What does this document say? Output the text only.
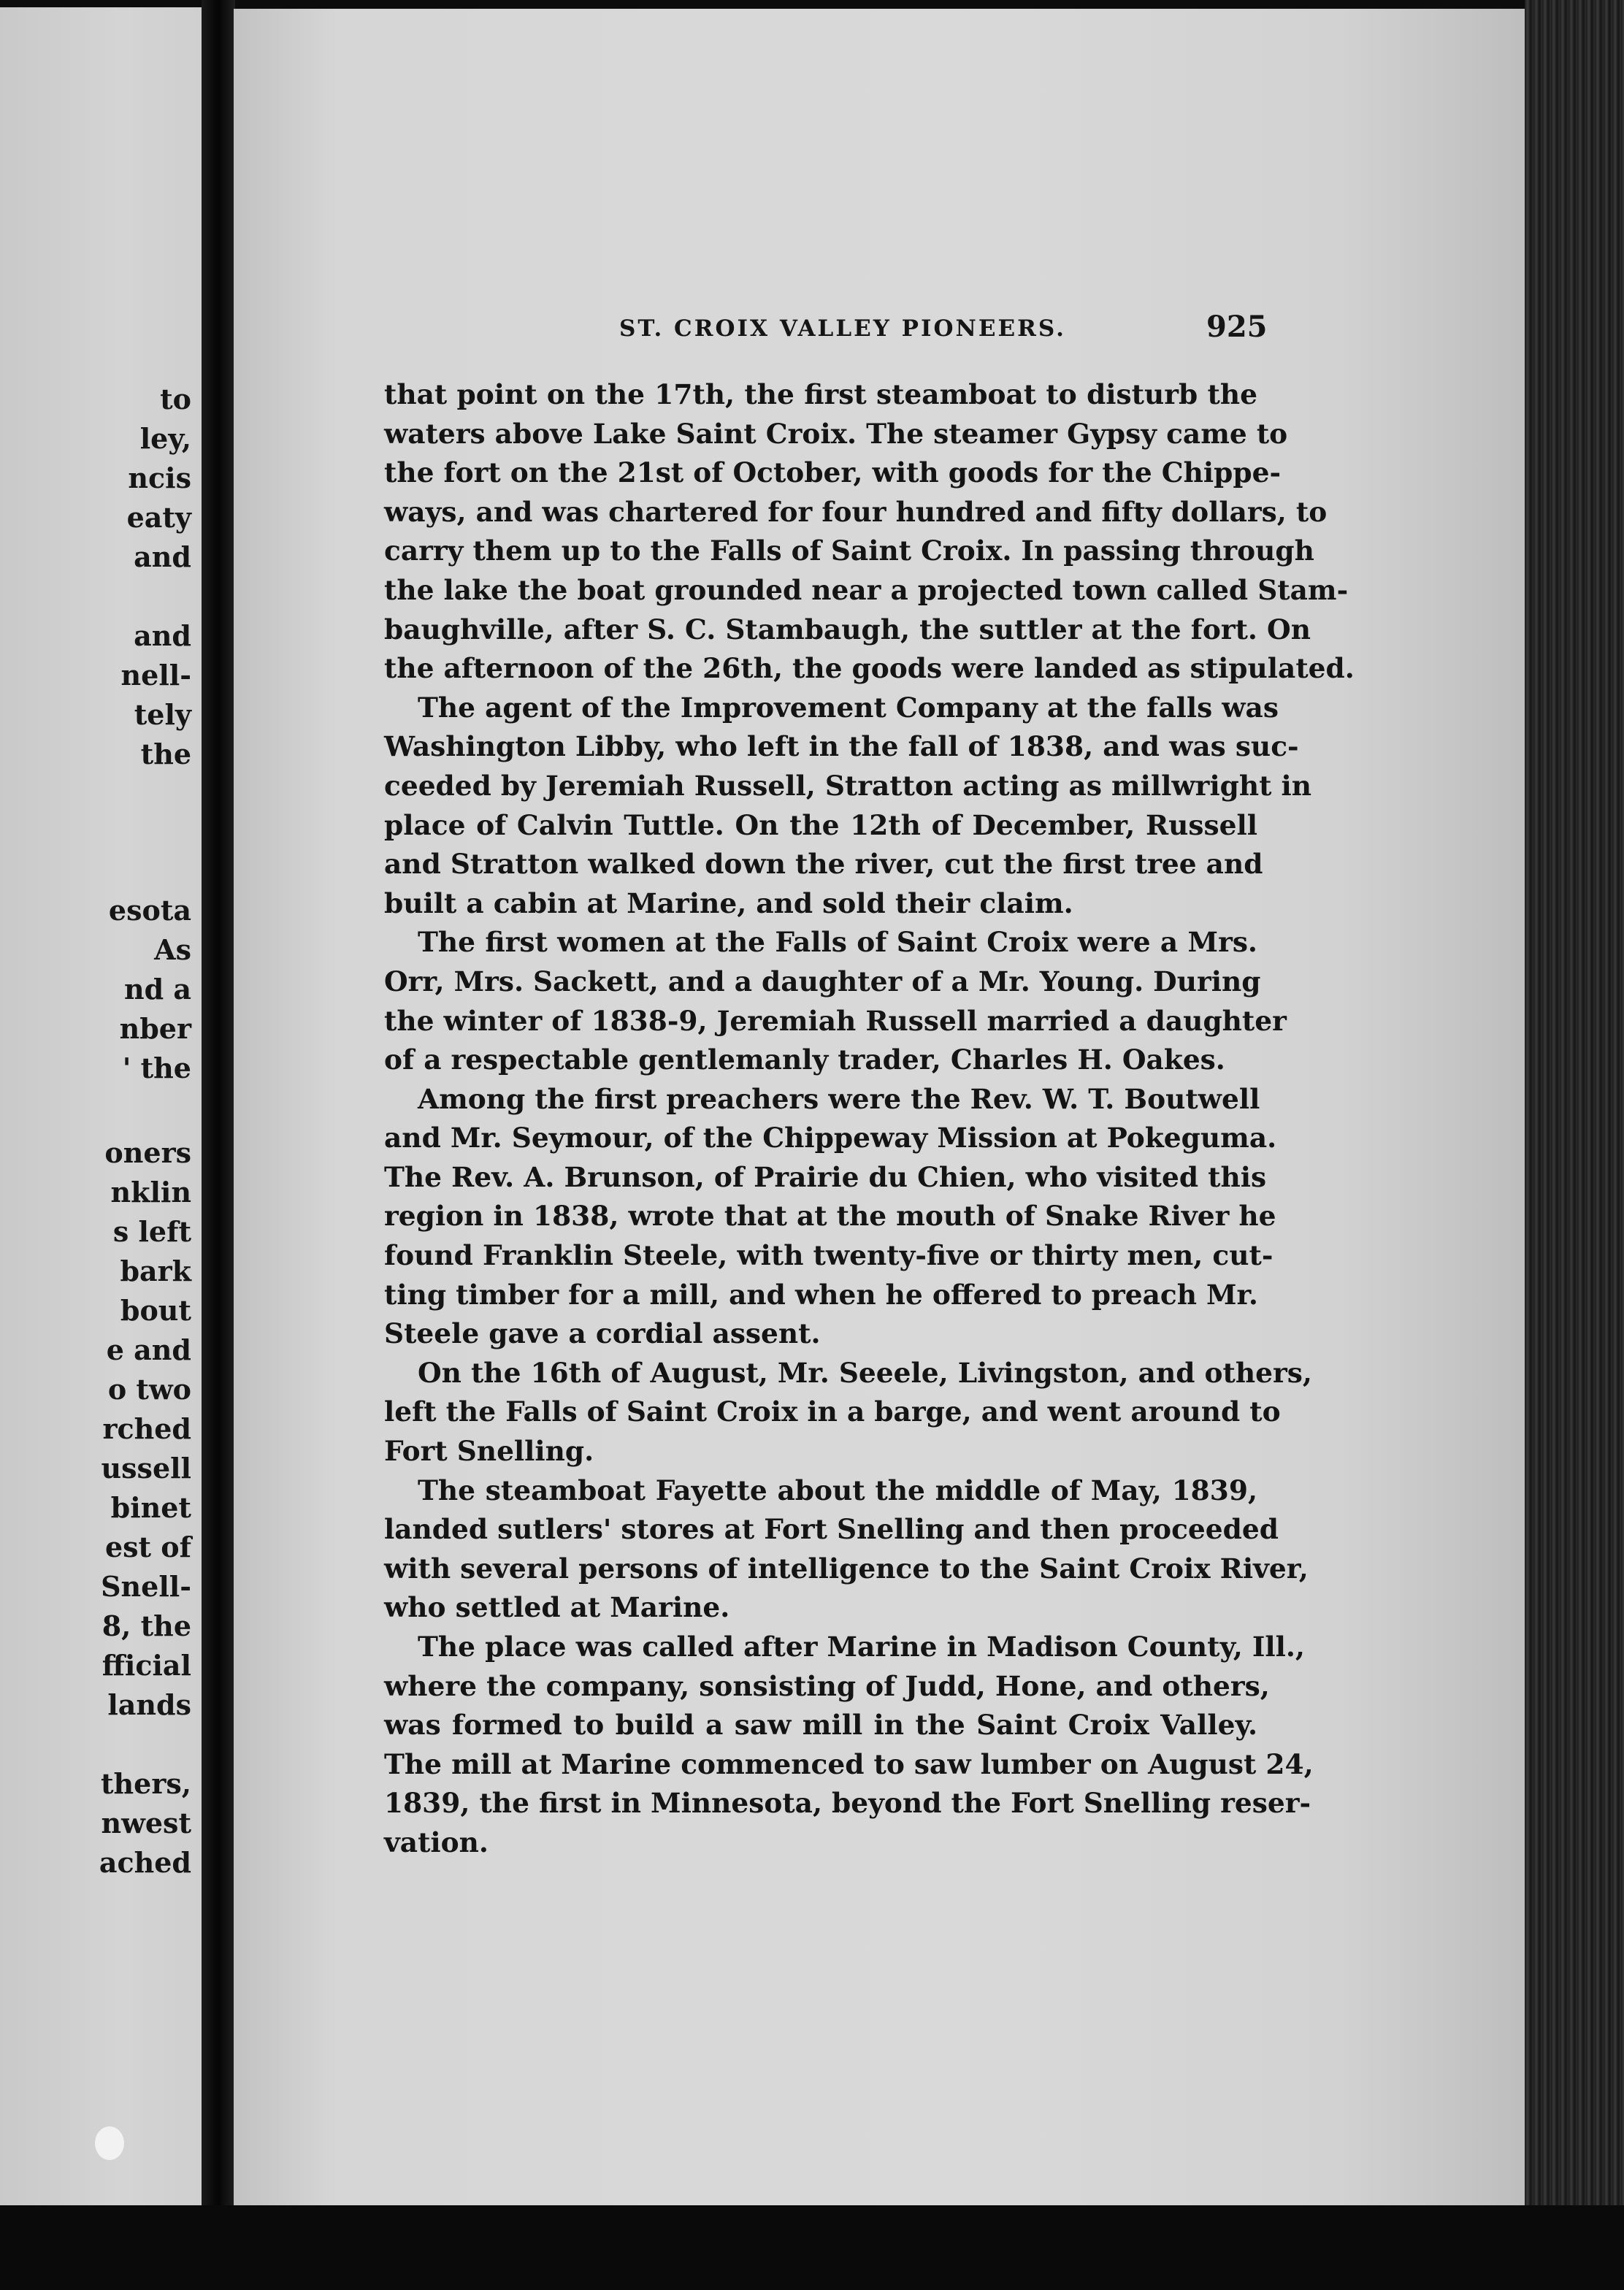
to
ley,
ncis
eaty
and
and
nell-
tely
the
esota
As
nd a
nber
' the
oners
nklin
s left
bark
bout
e and
o two
rched
ussell
binet
est of
Snell-
8, the
fficial
lands
thers,
nwest
ached
ST. CROIX VALLEY PIONEERS.	925
that point on the 17th, the first steamboat to disturb the
waters above Lake Saint Croix. The steamer Gypsy came to
the fort on the 21st of October, with goods for the Chippe-
ways, and was chartered for four hundred and fifty dollars, to
carry them up to the Falls of Saint Croix. In passing through
the lake the boat grounded near a projected town called Stam-
baughville, after S. C. Stambaugh, the suttler at the fort. On
the afternoon of the 26th, the goods were landed as stipulated.
The agent of the Improvement Company at the falls was
Washington Libby, who left in the fall of 1838, and was suc-
ceeded by Jeremiah Russell, Stratton acting as millwright in
place of Calvin Tuttle. On the 12th of December, Russell
and Stratton walked down the river, cut the first tree and
built a cabin at Marine, and sold their claim.
The first women at the Falls of Saint Croix were a Mrs.
Orr, Mrs. Sackett, and a daughter of a Mr. Young. During
the winter of 1838-9, Jeremiah Russell married a daughter
of a respectable gentlemanly trader, Charles H. Oakes.
Among the first preachers were the Rev. W. T. Boutwell
and Mr. Seymour, of the Chippeway Mission at Pokeguma.
The Rev. A. Brunson, of Prairie du Chien, who visited this
region in 1838, wrote that at the mouth of Snake River he
found Franklin Steele, with twenty-five or thirty men, cut-
ting timber for a mill, and when he offered to preach Mr.
Steele gave a cordial assent.
On the 16th of August, Mr. Seeele, Livingston, and others,
left the Falls of Saint Croix in a barge, and went around to
Fort Snelling.
The steamboat Fayette about the middle of May, 1839,
landed sutlers' stores at Fort Snelling and then proceeded
with several persons of intelligence to the Saint Croix River,
who settled at Marine.
The place was called after Marine in Madison County, Ill.,
where the company, sonsisting of Judd, Hone, and others,
was formed to build a saw mill in the Saint Croix Valley.
The mill at Marine commenced to saw lumber on August 24,
1839, the first in Minnesota, beyond the Fort Snelling reser-
vation.
